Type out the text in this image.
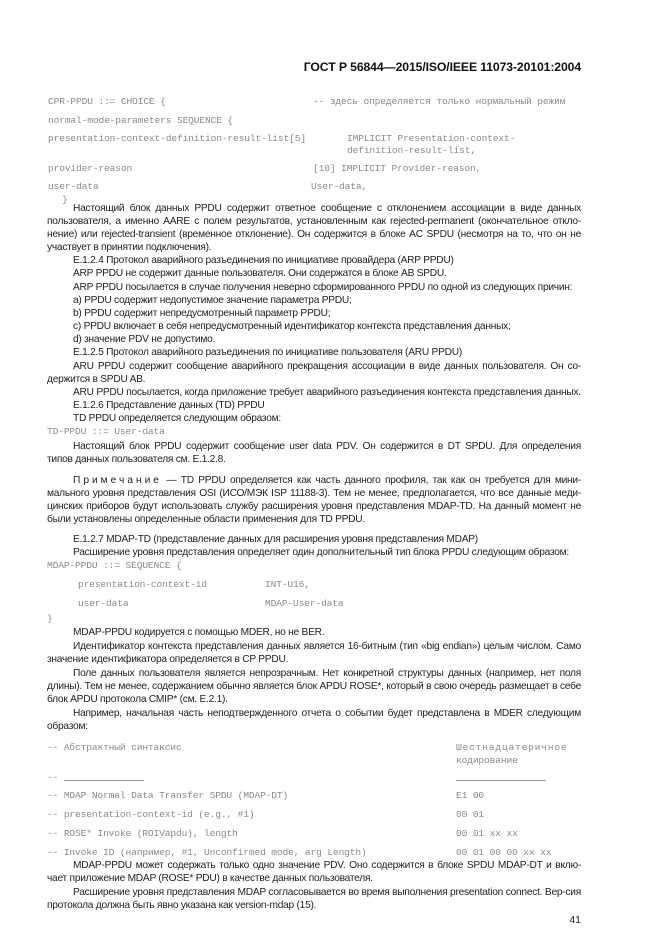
ГОСТ Р 56844—2015/ISO/IEEE 11073-20101:2004
CPR-PPDU ::= CHOICE {	-- здесь определяется только нормальный режим
normal-mode-parameters SEQUENCE {
presentation-context-definition-result-list[5]	IMPLICIT Presentation-context-
definition-result-list,
provider-reason	[10] IMPLICIT Provider-reason,
user-data	User-data,
}
Настоящий блок данных PPDU содержит ответное сообщение с отклонением ассоциации в виде данных пользователя, а именно AARE с полем результатов, установленным как rejected-permanent (окончательное откло-нение) или rejected-transient (временное отклонение). Он содержится в блоке AC SPDU (несмотря на то, что он не участвует в принятии подключения).
E.1.2.4 Протокол аварийного разъединения по инициативе провайдера (ARP PPDU)
ARP PPDU не содержит данные пользователя. Они содержатся в блоке AB SPDU.
ARP PPDU посылается в случае получения неверно сформированного PPDU по одной из следующих причин:
a) PPDU содержит недопустимое значение параметра PPDU;
b) PPDU содержит непредусмотренный параметр PPDU;
c) PPDU включает в себя непредусмотренный идентификатор контекста представления данных;
d) значение PDV не допустимо.
E.1.2.5 Протокол аварийного разъединения по инициативе пользователя (ARU PPDU)
ARU PPDU содержит сообщение аварийного прекращения ассоциации в виде данных пользователя. Он со-держится в SPDU AB.
ARU PPDU посылается, когда приложение требует аварийного разъединения контекста представления данных.
E.1.2.6 Представление данных (TD) PPDU
TD PPDU определяется следующим образом:
TD-PPDU ::= User-data
Настоящий блок PPDU содержит сообщение user data PDV. Он содержится в DT SPDU. Для определения типов данных пользователя см. E.1.2.8.
Примечание — TD PPDU определяется как часть данного профиля, так как он требуется для мини-мального уровня представления OSI (ИСО/МЭК ISP 11188-3). Тем не менее, предполагается, что все данные меди-цинских приборов будут использовать службу расширения уровня представления MDAP-TD. На данный момент не были установлены определенные области применения для TD PPDU.
E.1.2.7 MDAP-TD (представление данных для расширения уровня представления MDAP)
Расширение уровня представления определяет один дополнительный тип блока PPDU следующим образом:
MDAP-PPDU ::= SEQUENCE {
presentation-context-id	INT-U16,
user-data	MDAP-User-data
}
MDAP-PPDU кодируется с помощью MDER, но не BER.
Идентификатор контекста представления данных является 16-битным (тип «big endian») целым числом. Само значение идентификатора определяется в CP PPDU.
Поле данных пользователя является непрозрачным. Нет конкретной структуры данных (например, нет поля длины). Тем не менее, содержанием обычно является блок APDU ROSE*, который в свою очередь размещает в себе блок APDU протокола CMIP* (см. E.2.1).
Например, начальная часть неподтвержденного отчета о событии будет представлена в MDER следующим образом:
-- Абстрактный синтаксис	Шестнадцатеричное
кодирование
--
-- MDAP Normal Data Transfer SPDU (MDAP-DT)	E1 00
-- presentation-context-id (e.g., #1)	00 01
-- ROSE* Invoke (ROIVapdu), length	00 01 xx xx
-- Invoke ID (например, #1, Unconfirmed mode, arg Length)	00 01 00 00 xx xx
MDAP-PPDU может содержать только одно значение PDV. Оно содержится в блоке SPDU MDAP-DT и вклю-чает приложение MDAP (ROSE* PDU) в качестве данных пользователя.
Расширение уровня представления MDAP согласовывается во время выполнения presentation connect. Вер-сия протокола должна быть явно указана как version-mdap (15).
41
